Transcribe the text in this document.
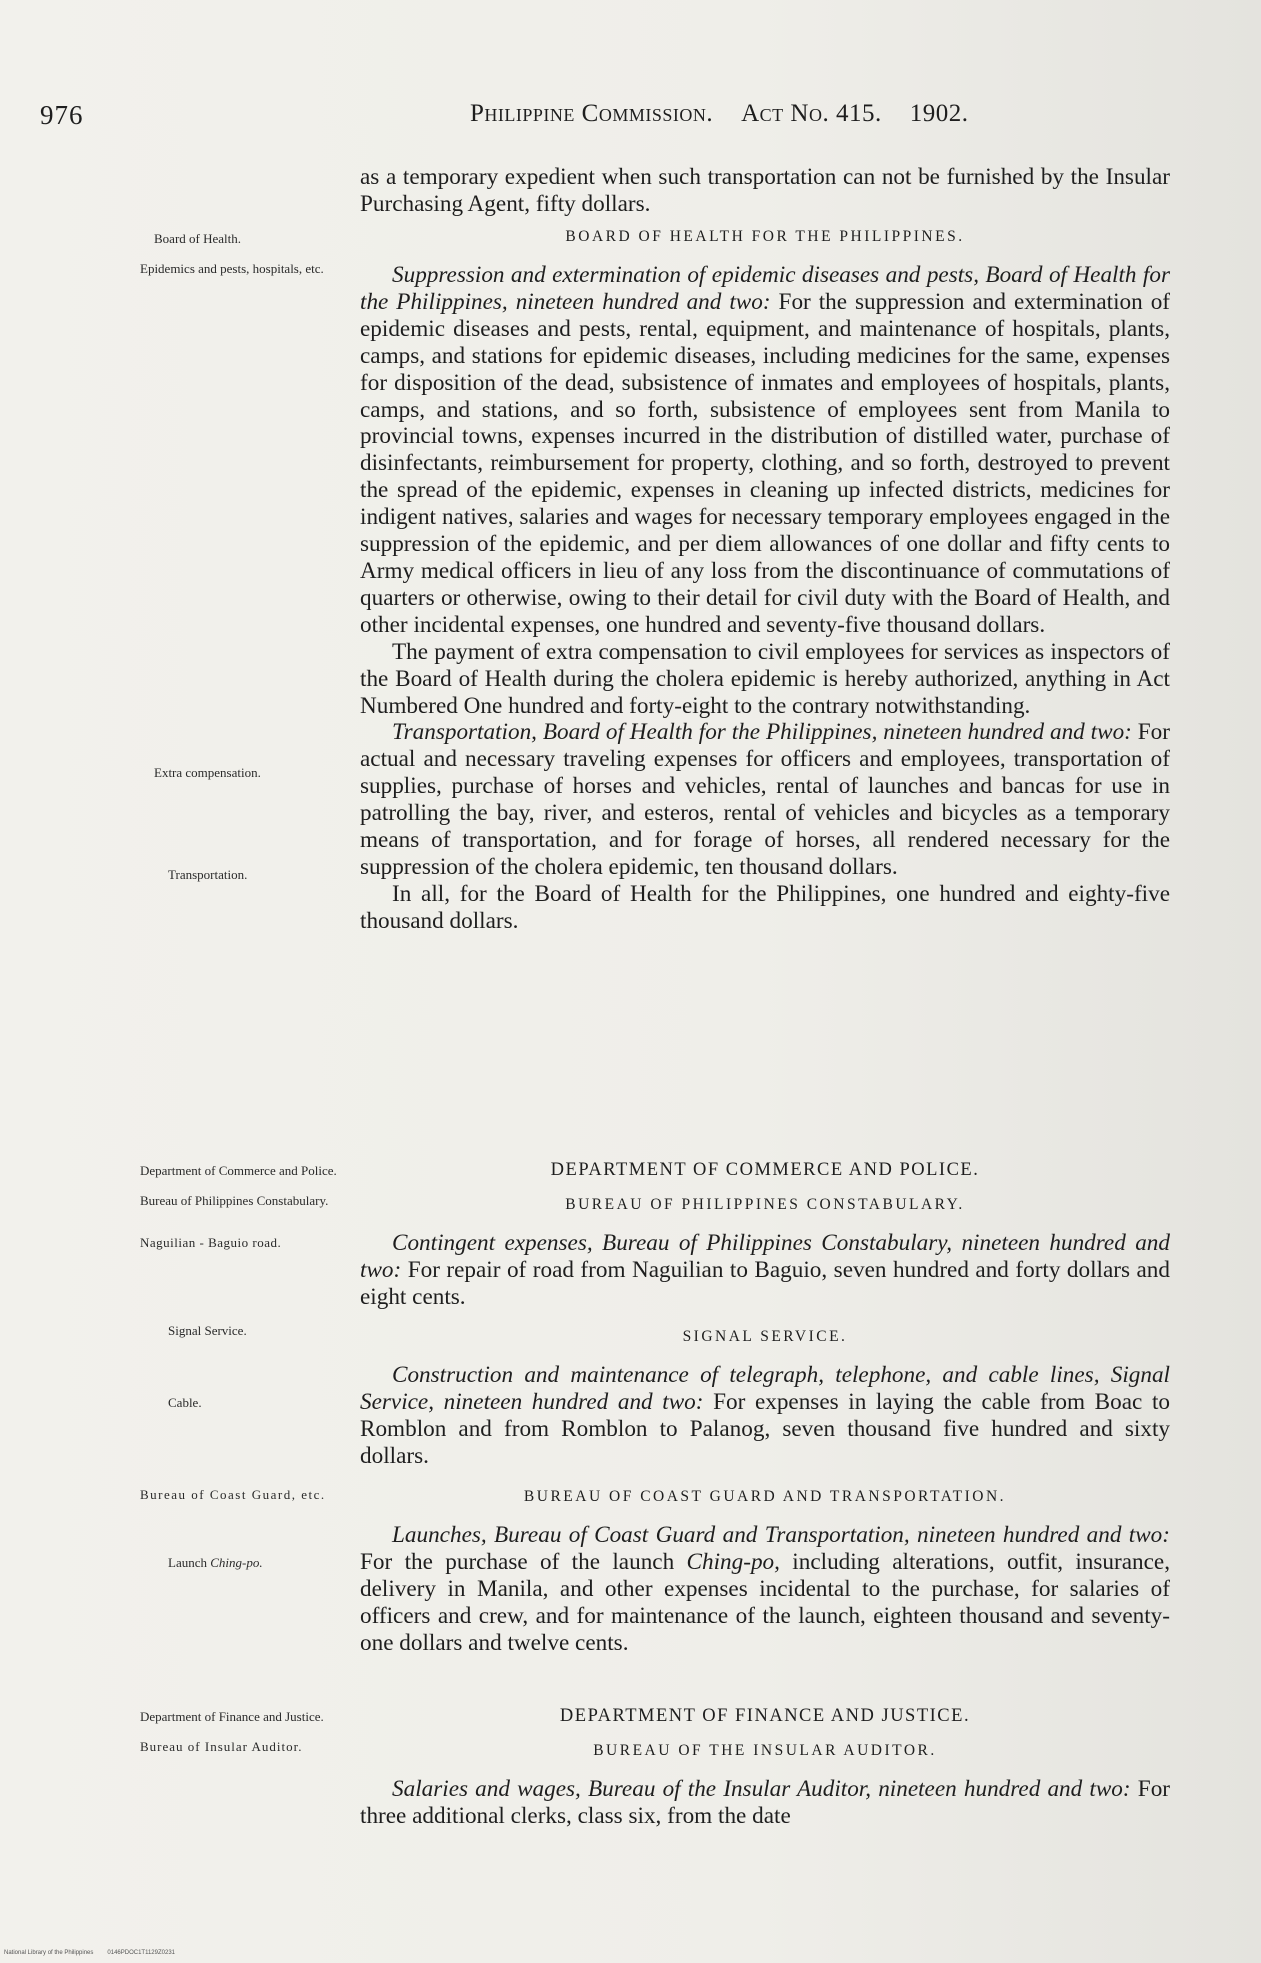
976	Philippine Commission. Act No. 415. 1902.
Board of Health.
Epidemics and pests, hospitals, etc.
Extra compensation.
Transportation.
Department of Commerce and Police.
Bureau of Philippines Constabulary.
Naguilian - Baguio road.
Signal Service.
Cable.
Bureau of Coast Guard, etc.
Launch Ching-po.
Department of Finance and Justice.
Bureau of Insular Auditor.

as a temporary expedient when such transportation can not be furnished by the Insular Purchasing Agent, fifty dollars.

BOARD OF HEALTH FOR THE PHILIPPINES.

Suppression and extermination of epidemic diseases and pests, Board of Health for the Philippines, nineteen hundred and two: For the suppression and extermination of epidemic diseases and pests, rental, equipment, and maintenance of hospitals, plants, camps, and stations for epidemic diseases, including medicines for the same, expenses for disposition of the dead, subsistence of inmates and employees of hospitals, plants, camps, and stations, and so forth, subsistence of employees sent from Manila to provincial towns, expenses incurred in the distribution of distilled water, purchase of disinfectants, reimbursement for property, clothing, and so forth, destroyed to prevent the spread of the epidemic, expenses in cleaning up infected districts, medicines for indigent natives, salaries and wages for necessary temporary employees engaged in the suppression of the epidemic, and per diem allowances of one dollar and fifty cents to Army medical officers in lieu of any loss from the discontinuance of commutations of quarters or otherwise, owing to their detail for civil duty with the Board of Health, and other incidental expenses, one hundred and seventy-five thousand dollars.

The payment of extra compensation to civil employees for services as inspectors of the Board of Health during the cholera epidemic is hereby authorized, anything in Act Numbered One hundred and forty-eight to the contrary notwithstanding.

Transportation, Board of Health for the Philippines, nineteen hundred and two: For actual and necessary traveling expenses for officers and employees, transportation of supplies, purchase of horses and vehicles, rental of launches and bancas for use in patrolling the bay, river, and esteros, rental of vehicles and bicycles as a temporary means of transportation, and for forage of horses, all rendered necessary for the suppression of the cholera epidemic, ten thousand dollars.

In all, for the Board of Health for the Philippines, one hundred and eighty-five thousand dollars.

DEPARTMENT OF COMMERCE AND POLICE.
BUREAU OF PHILIPPINES CONSTABULARY.

Contingent expenses, Bureau of Philippines Constabulary, nineteen hundred and two: For repair of road from Naguilian to Baguio, seven hundred and forty dollars and eight cents.

SIGNAL SERVICE.

Construction and maintenance of telegraph, telephone, and cable lines, Signal Service, nineteen hundred and two: For expenses in laying the cable from Boac to Romblon and from Romblon to Palanog, seven thousand five hundred and sixty dollars.

BUREAU OF COAST GUARD AND TRANSPORTATION.

Launches, Bureau of Coast Guard and Transportation, nineteen hundred and two: For the purchase of the launch Ching-po, including alterations, outfit, insurance, delivery in Manila, and other expenses incidental to the purchase, for salaries of officers and crew, and for maintenance of the launch, eighteen thousand and seventy-one dollars and twelve cents.

DEPARTMENT OF FINANCE AND JUSTICE.
BUREAU OF THE INSULAR AUDITOR.

Salaries and wages, Bureau of the Insular Auditor, nineteen hundred and two: For three additional clerks, class six, from the date

National Library of the Philippines 0146PDOC1T1129Z0231
